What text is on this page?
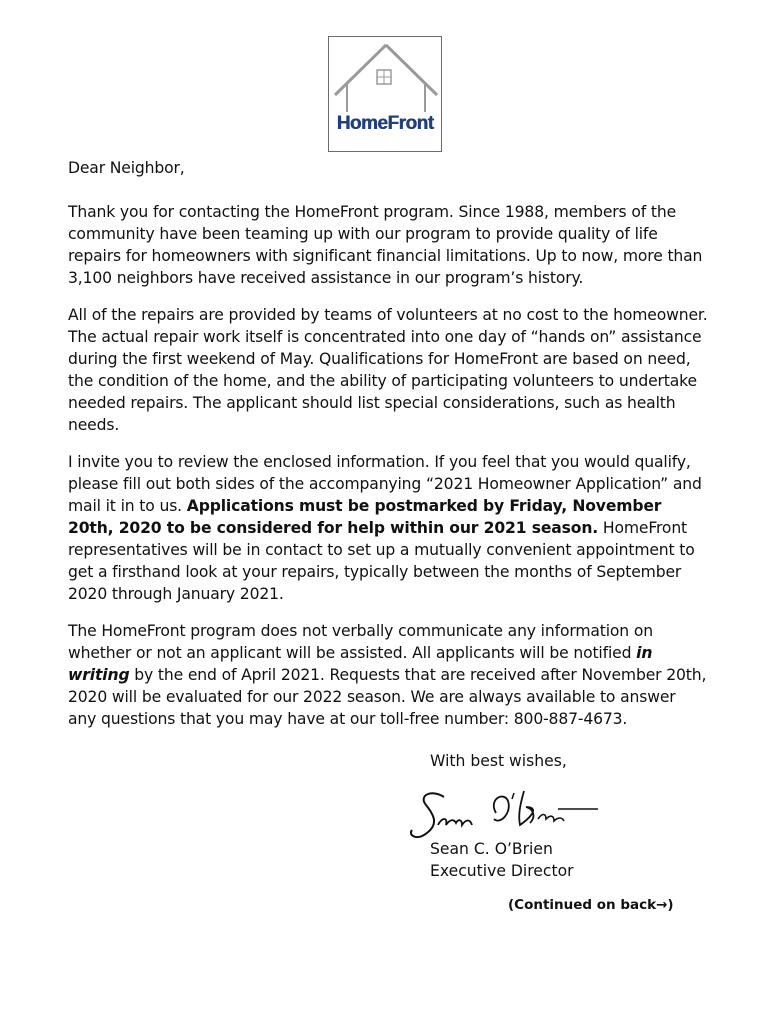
HomeFront

Dear Neighbor,

Thank you for contacting the HomeFront program. Since 1988, members of the community have been teaming up with our program to provide quality of life repairs for homeowners with significant financial limitations. Up to now, more than 3,100 neighbors have received assistance in our program’s history.

All of the repairs are provided by teams of volunteers at no cost to the homeowner. The actual repair work itself is concentrated into one day of “hands on” assistance during the first weekend of May. Qualifications for HomeFront are based on need, the condition of the home, and the ability of participating volunteers to undertake needed repairs. The applicant should list special considerations, such as health needs.

I invite you to review the enclosed information. If you feel that you would qualify, please fill out both sides of the accompanying “2021 Homeowner Application” and mail it in to us. Applications must be postmarked by Friday, November 20th, 2020 to be considered for help within our 2021 season. HomeFront representatives will be in contact to set up a mutually convenient appointment to get a firsthand look at your repairs, typically between the months of September 2020 through January 2021.

The HomeFront program does not verbally communicate any information on whether or not an applicant will be assisted. All applicants will be notified in writing by the end of April 2021. Requests that are received after November 20th, 2020 will be evaluated for our 2022 season. We are always available to answer any questions that you may have at our toll-free number: 800-887-4673.

With best wishes,
Sean C. O’Brien
Executive Director
(Continued on back→)
